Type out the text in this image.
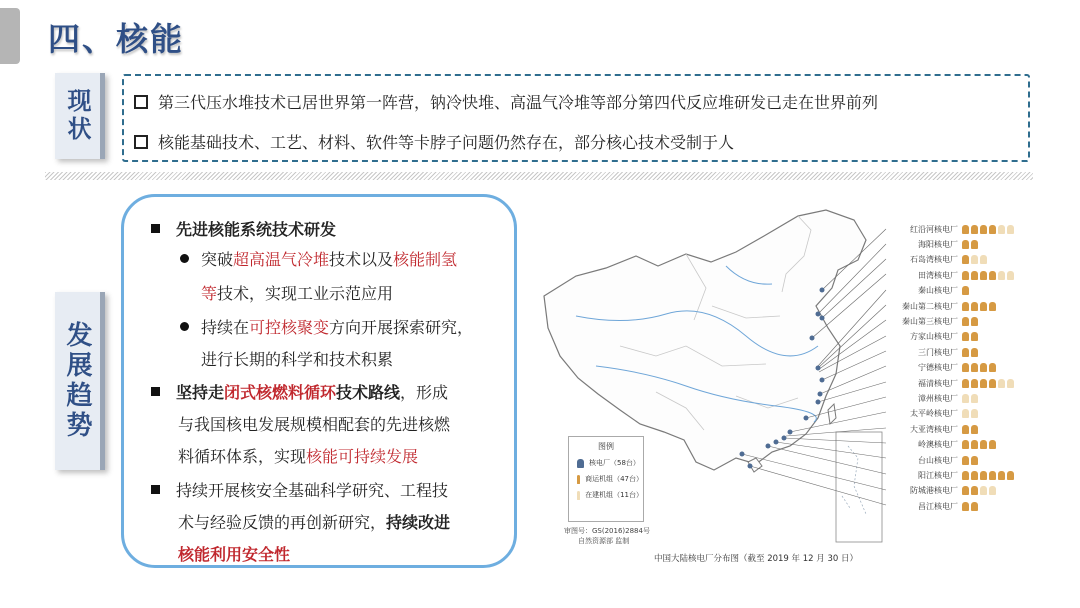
四、核能
现状	第三代压水堆技术已居世界第一阵营，钠冷快堆、高温气冷堆等部分第四代反应堆研发已走在世界前列
核能基础技术、工艺、材料、软件等卡脖子问题仍然存在，部分核心技术受制于人
发展趋势
先进核能系统技术研发
突破超高温气冷堆技术以及核能制氢
等技术，实现工业示范应用
持续在可控核聚变方向开展探索研究，
进行长期的科学和技术积累
坚持走闭式核燃料循环技术路线，形成
与我国核电发展规模相配套的先进核燃
料循环体系，实现核能可持续发展
持续开展核安全基础科学研究、工程技
术与经验反馈的再创新研究，持续改进
核能利用安全性
红沿河核电厂
海阳核电厂
石岛湾核电厂
田湾核电厂
秦山核电厂
秦山第二核电厂
秦山第三核电厂
方家山核电厂
三门核电厂
宁德核电厂
福清核电厂
漳州核电厂
太平岭核电厂
大亚湾核电厂
岭澳核电厂
台山核电厂
阳江核电厂
防城港核电厂
昌江核电厂
图例
核电厂（58台）
商运机组（47台）
在建机组（11台）
审图号：GS(2016)2884号
自然资源部 监制
中国大陆核电厂分布图（截至 2019 年 12 月 30 日）
